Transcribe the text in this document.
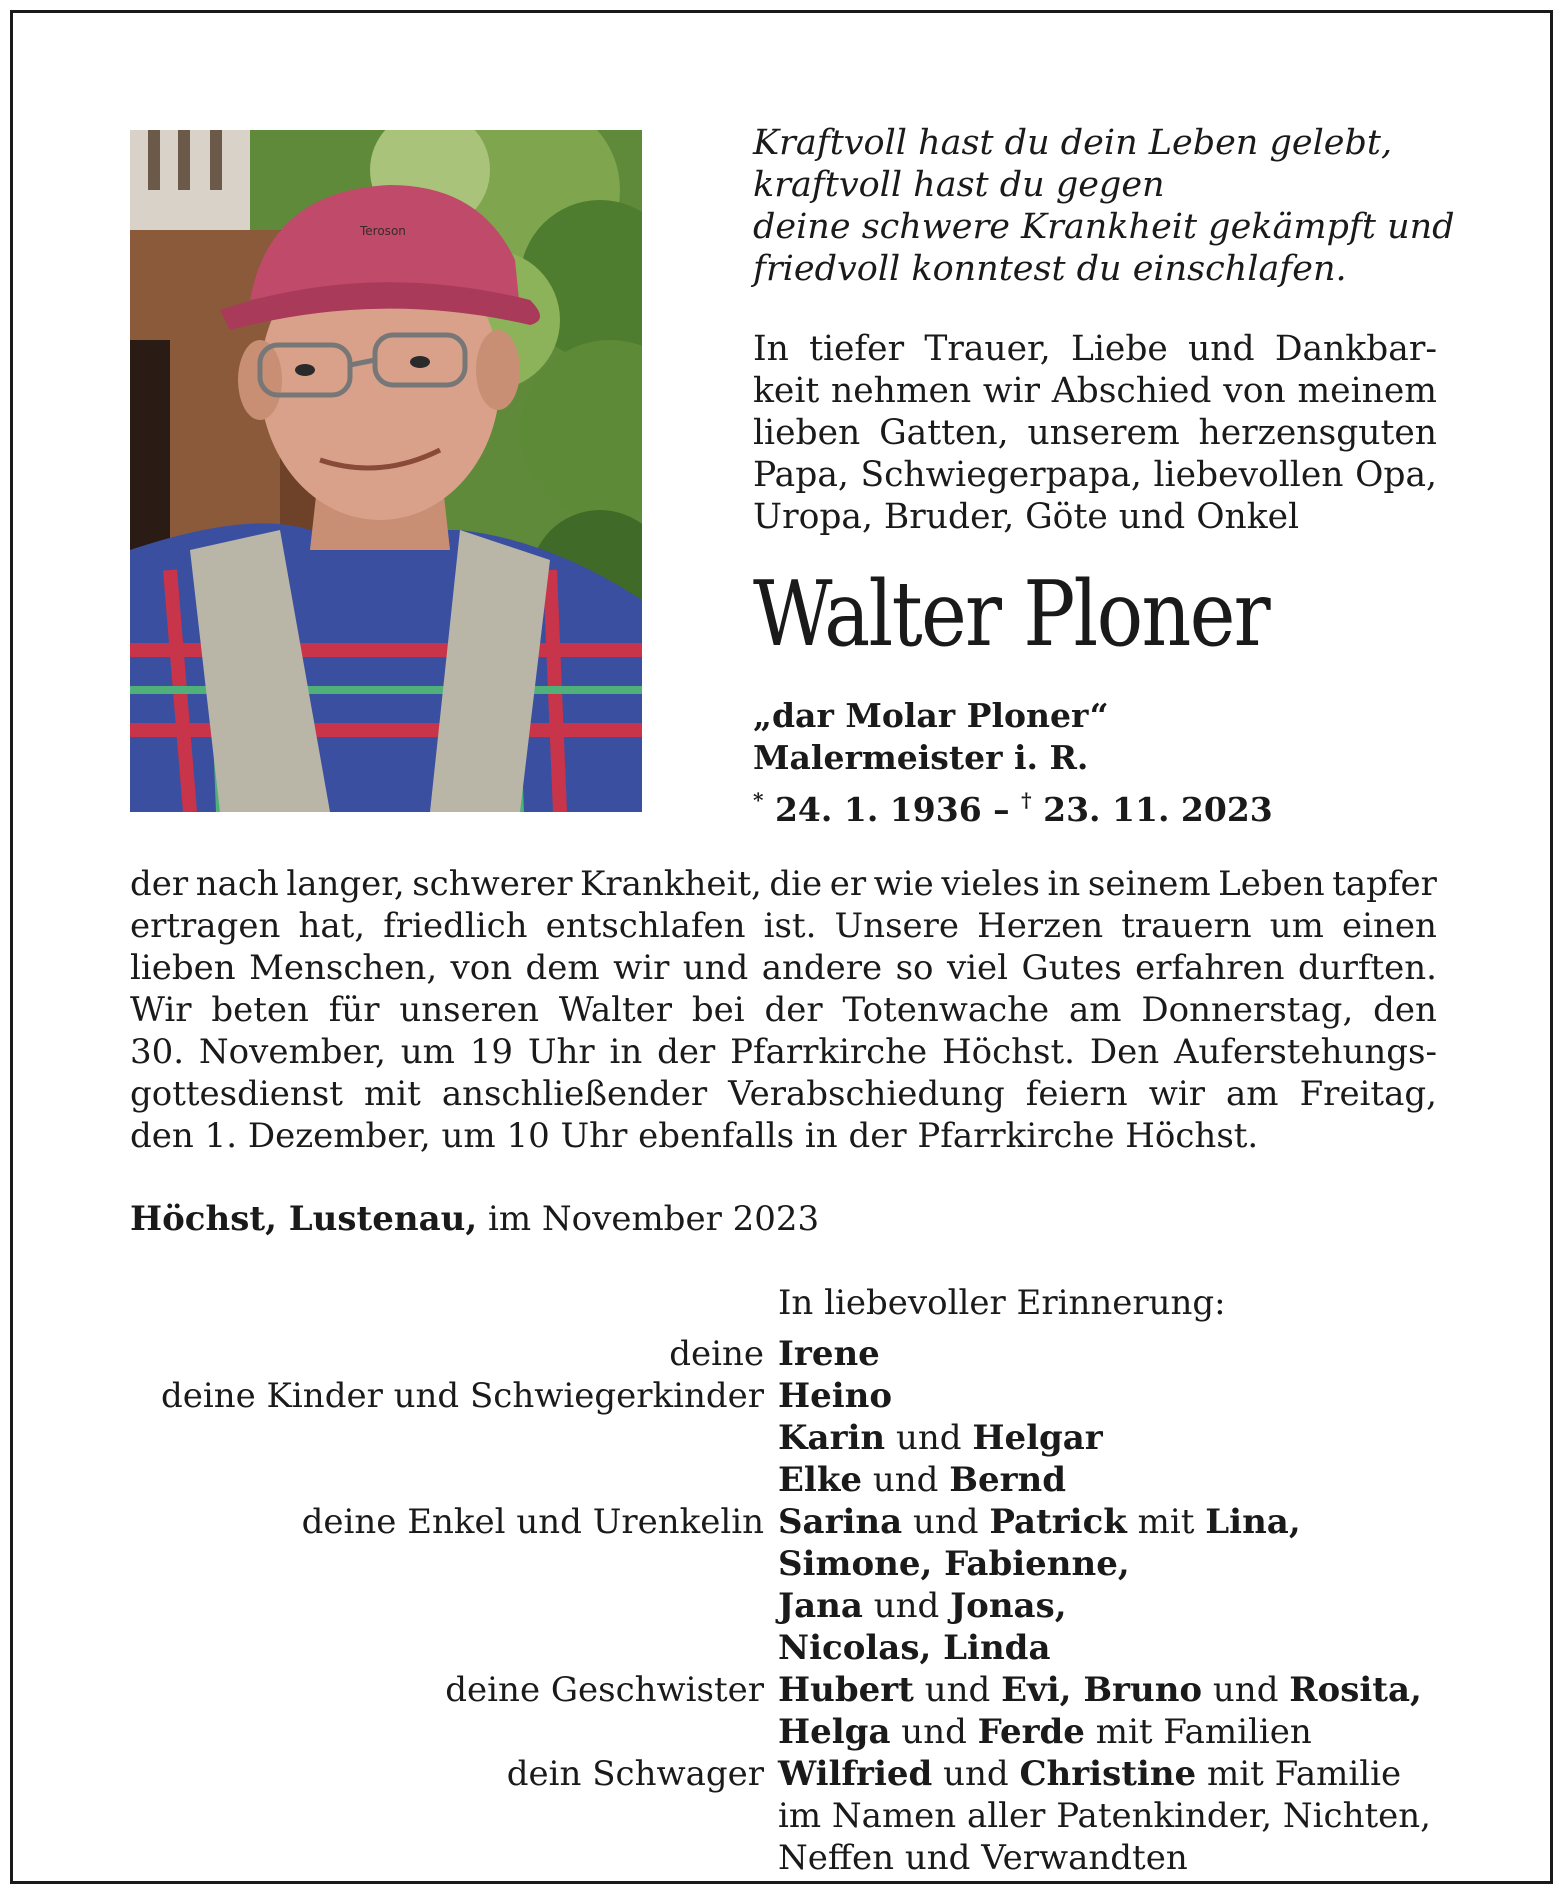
Teroson
Kraftvoll hast du dein Leben gelebt,
kraftvoll hast du gegen
deine schwere Krankheit gekämpft und
friedvoll konntest du einschlafen.
In tiefer Trauer, Liebe und Dankbar-
keit nehmen wir Abschied von meinem
lieben Gatten, unserem herzensguten
Papa, Schwiegerpapa, liebevollen Opa,
Uropa, Bruder, Göte und Onkel
Walter Ploner
„dar Molar Ploner“
Malermeister i. R.
* 24. 1. 1936 – † 23. 11. 2023
der nach langer, schwerer Krankheit, die er wie vieles in seinem Leben tapfer
ertragen hat, friedlich entschlafen ist. Unsere Herzen trauern um einen
lieben Menschen, von dem wir und andere so viel Gutes erfahren durften.
Wir beten für unseren Walter bei der Totenwache am Donnerstag, den
30. November, um 19 Uhr in der Pfarrkirche Höchst. Den Auferstehungs-
gottesdienst mit anschließender Verabschiedung feiern wir am Freitag,
den 1. Dezember, um 10 Uhr ebenfalls in der Pfarrkirche Höchst.
Höchst, Lustenau, im November 2023
In liebevoller Erinnerung:
deine Irene
deine Kinder und Schwiegerkinder Heino
Karin und Helgar
Elke und Bernd
deine Enkel und Urenkelin Sarina und Patrick mit Lina,
Simone, Fabienne,
Jana und Jonas,
Nicolas, Linda
deine Geschwister Hubert und Evi, Bruno und Rosita,
Helga und Ferde mit Familien
dein Schwager Wilfried und Christine mit Familie
im Namen aller Patenkinder, Nichten,
Neffen und Verwandten
